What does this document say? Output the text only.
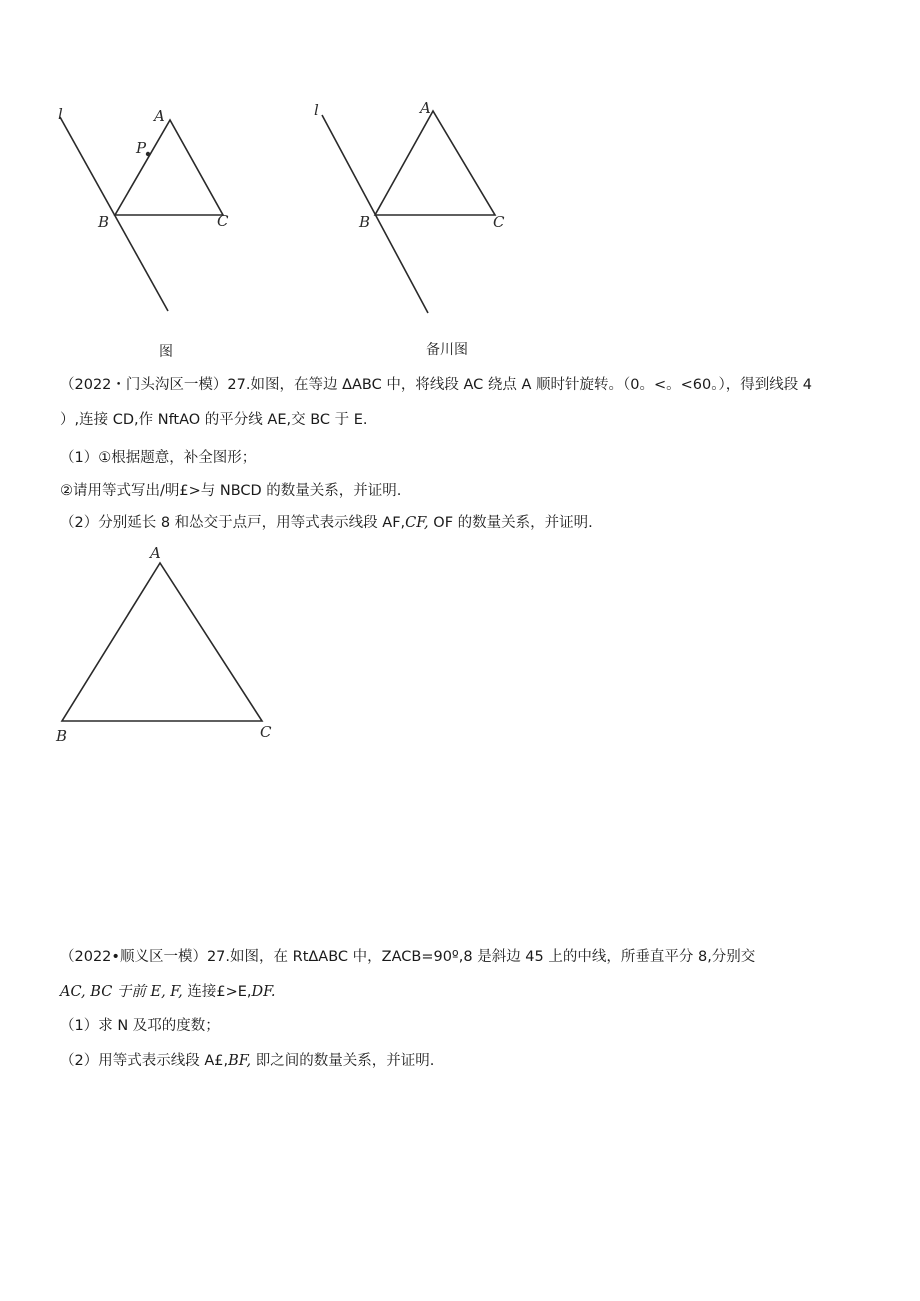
l	A
P
B	C
图
l	A
B	C
备川图
（2022・门头沟区一模）27.如图，在等边 ΔABC 中，将线段 AC 绕点 A 顺时针旋转。（0。<。<60。），得到线段 4
）,连接 CD,作 NftAO 的平分线 AE,交 BC 于 E.
（1）①根据题意，补全图形；
②请用等式写出/明£>与 NBCD 的数量关系，并证明.
（2）分别延长 8 和怂交于点戸，用等式表示线段 AF,CF, OF 的数量关系，并证明.
A
B	C
（2022•顺义区一模）27.如图，在 RtΔABC 中，ZACB=90º,8 是斜边 45 上的中线，所垂直平分 8,分别交
AC, BC 于前 E, F, 连接£>E,DF.
（1）求 N 及邛的度数；
（2）用等式表示线段 A£,BF, 即之间的数量关系，并证明.
